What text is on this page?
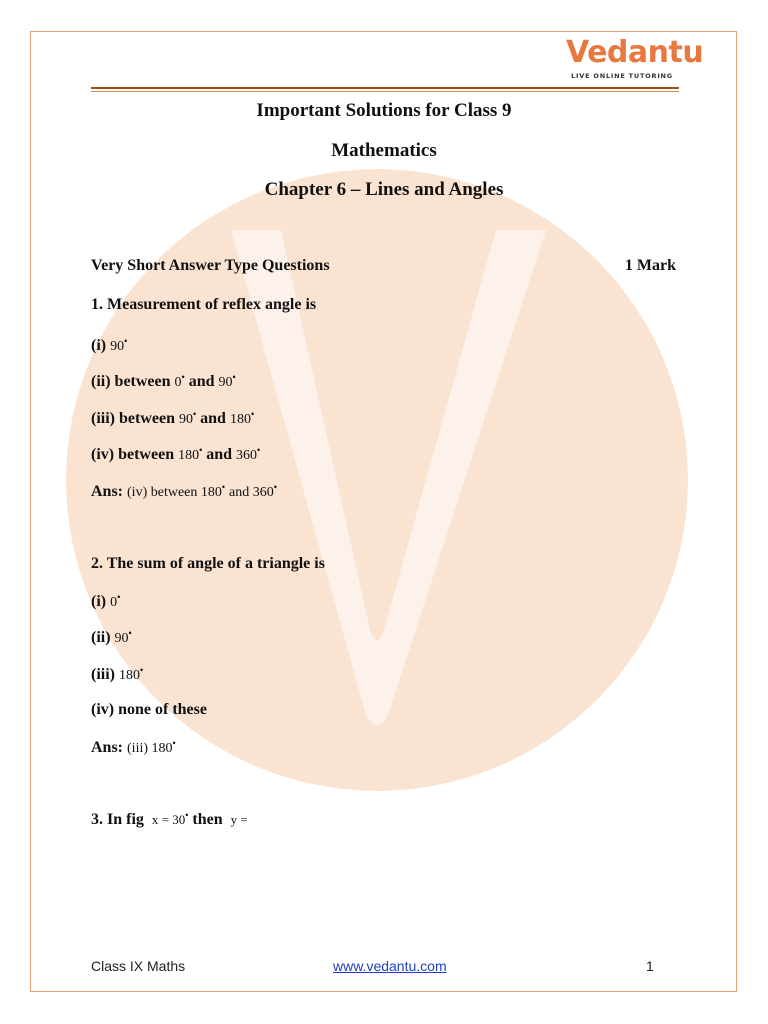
Vedantu
LIVE ONLINE TUTORING
Important Solutions for Class 9
Mathematics
Chapter 6 – Lines and Angles
Very Short Answer Type Questions	1 Mark
1. Measurement of reflex angle is
(i) 90•
(ii) between 0• and 90•
(iii) between 90• and 180•
(iv) between 180• and 360•
Ans: (iv) between 180• and 360•
2. The sum of angle of a triangle is
(i) 0•
(ii) 90•
(iii) 180•
(iv) none of these
Ans: (iii) 180•
3. In fig x = 30• then y =
Class IX Maths	www.vedantu.com	1
